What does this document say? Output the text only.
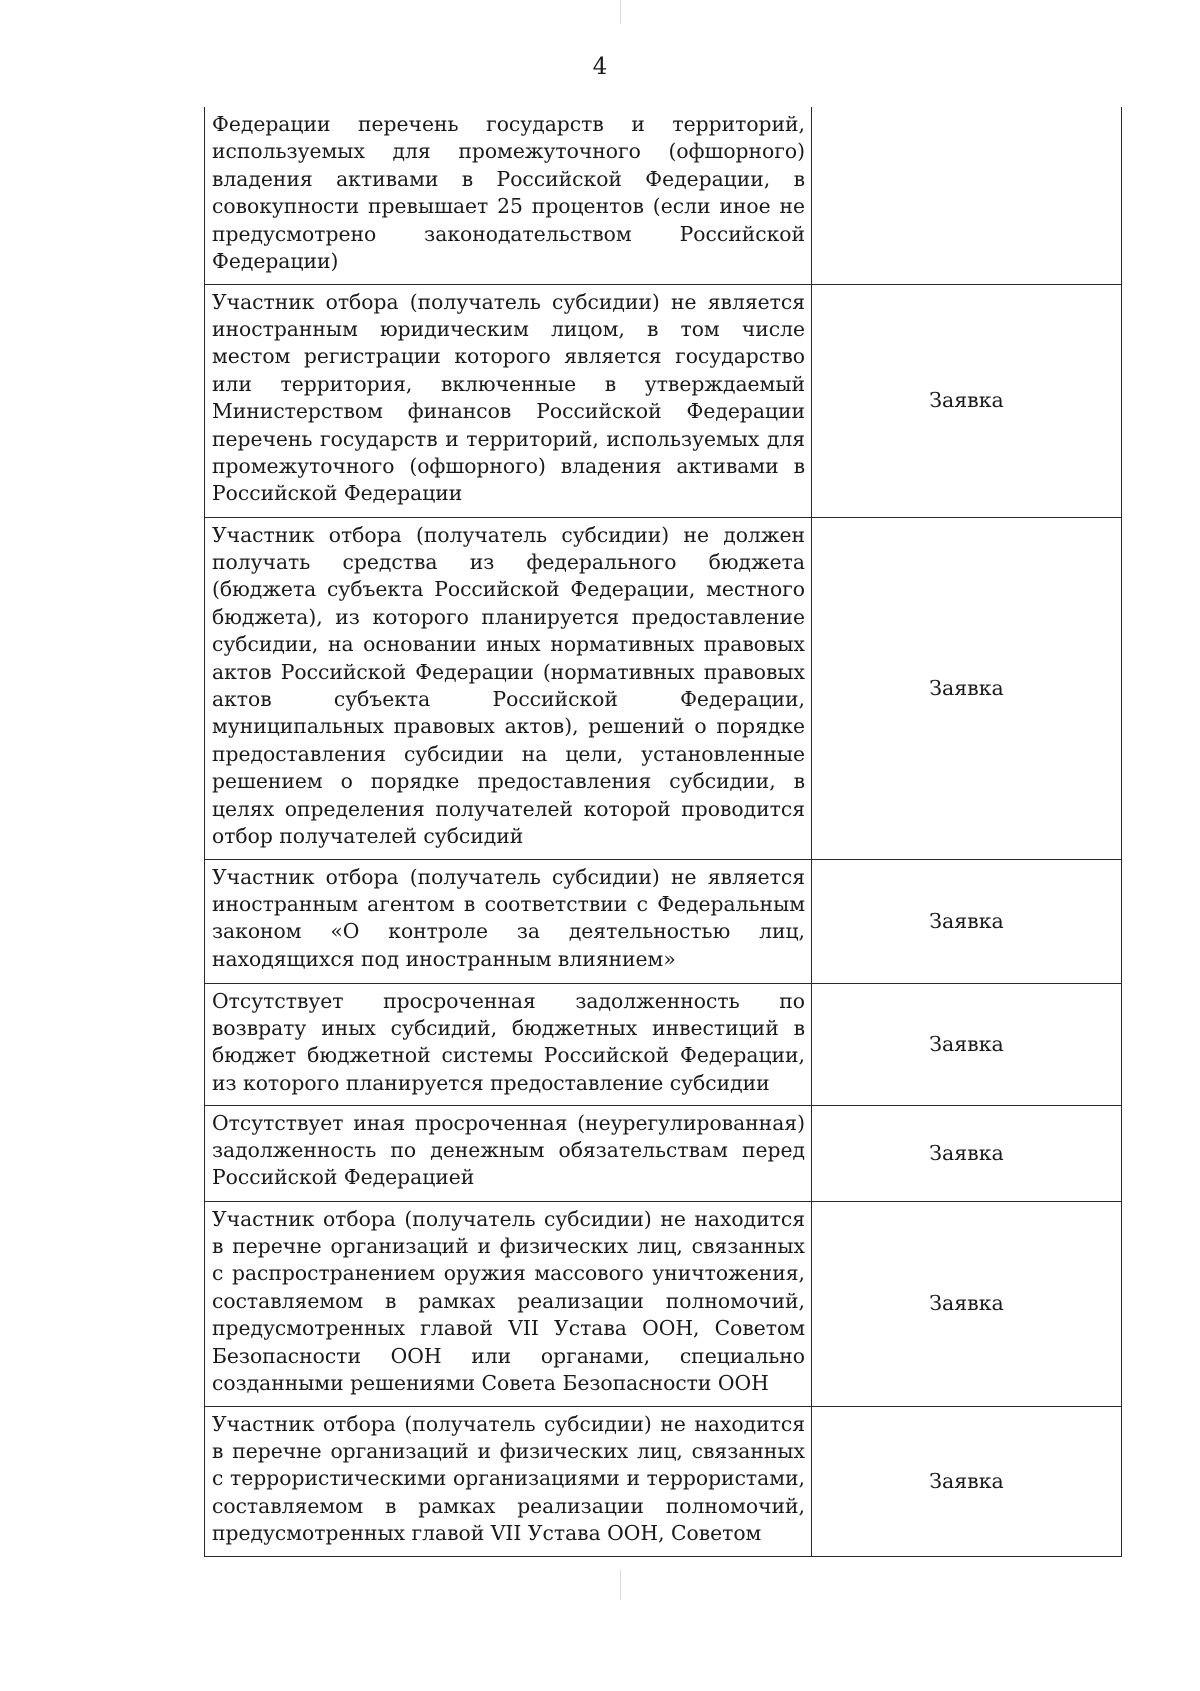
4
Федерации перечень государств и территорий, используемых для промежуточного (офшорного) владения активами в Российской Федерации, в совокупности превышает 25 процентов (если иное не предусмотрено законодательством Российской Федерации)	
Участник отбора (получатель субсидии) не является иностранным юридическим лицом, в том числе местом регистрации которого является государство или территория, включенные в утверждаемый Министерством финансов Российской Федерации перечень государств и территорий, используемых для промежуточного (офшорного) владения активами в Российской Федерации	Заявка
Участник отбора (получатель субсидии) не должен получать средства из федерального бюджета (бюджета субъекта Российской Федерации, местного бюджета), из которого планируется предоставление субсидии, на основании иных нормативных правовых актов Российской Федерации (нормативных правовых актов субъекта Российской Федерации, муниципальных правовых актов), решений о порядке предоставления субсидии на цели, установленные решением о порядке предоставления субсидии, в целях определения получателей которой проводится отбор получателей субсидий	Заявка
Участник отбора (получатель субсидии) не является иностранным агентом в соответствии с Федеральным законом «О контроле за деятельностью лиц, находящихся под иностранным влиянием»	Заявка
Отсутствует просроченная задолженность по возврату иных субсидий, бюджетных инвестиций в бюджет бюджетной системы Российской Федерации, из которого планируется предоставление субсидии	Заявка
Отсутствует иная просроченная (неурегулированная) задолженность по денежным обязательствам перед Российской Федерацией	Заявка
Участник отбора (получатель субсидии) не находится в перечне организаций и физических лиц, связанных с распространением оружия массового уничтожения, составляемом в рамках реализации полномочий, предусмотренных главой VII Устава ООН, Советом Безопасности ООН или органами, специально созданными решениями Совета Безопасности ООН	Заявка
Участник отбора (получатель субсидии) не находится в перечне организаций и физических лиц, связанных с террористическими организациями и террористами, составляемом в рамках реализации полномочий, предусмотренных главой VII Устава ООН, Советом	Заявка
